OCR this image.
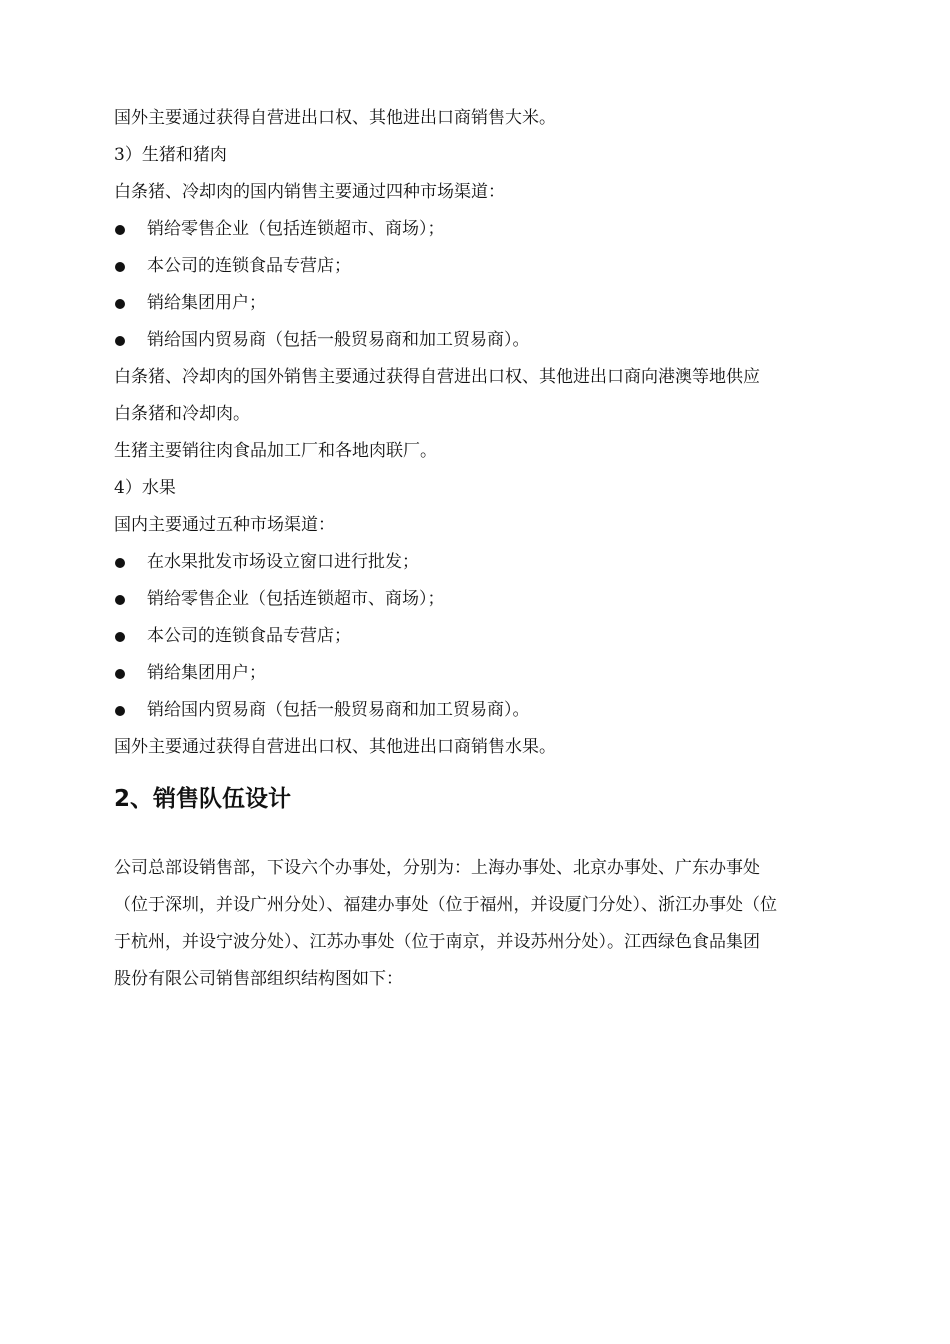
国外主要通过获得自营进出口权、其他进出口商销售大米。
3）生猪和猪肉
白条猪、冷却肉的国内销售主要通过四种市场渠道：
销给零售企业（包括连锁超市、商场）；
本公司的连锁食品专营店；
销给集团用户；
销给国内贸易商（包括一般贸易商和加工贸易商）。
白条猪、冷却肉的国外销售主要通过获得自营进出口权、其他进出口商向港澳等地供应
白条猪和冷却肉。
生猪主要销往肉食品加工厂和各地肉联厂。
4）水果
国内主要通过五种市场渠道：
在水果批发市场设立窗口进行批发；
销给零售企业（包括连锁超市、商场）；
本公司的连锁食品专营店；
销给集团用户；
销给国内贸易商（包括一般贸易商和加工贸易商）。
国外主要通过获得自营进出口权、其他进出口商销售水果。
2、销售队伍设计
公司总部设销售部，下设六个办事处，分别为：上海办事处、北京办事处、广东办事处
（位于深圳，并设广州分处）、福建办事处（位于福州，并设厦门分处）、浙江办事处（位
于杭州，并设宁波分处）、江苏办事处（位于南京，并设苏州分处）。江西绿色食品集团
股份有限公司销售部组织结构图如下：
